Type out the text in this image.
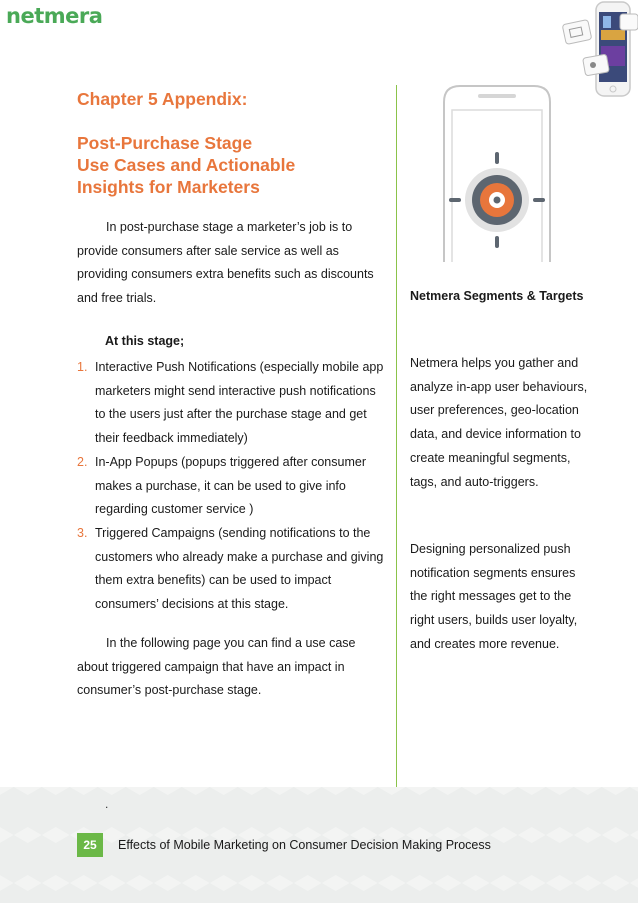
netmera
Chapter 5 Appendix:
Post-Purchase Stage
Use Cases and Actionable
Insights for Marketers
In post-purchase stage a marketer’s job is to provide consumers after sale service as well as providing consumers extra benefits such as discounts and free trials.
At this stage;
1. Interactive Push Notifications (especially mobile app marketers might send interactive push notifications to the users just after the purchase stage and get their feedback immediately)
2. In-App Popups (popups triggered after consumer makes a purchase, it can be used to give info regarding customer service )
3. Triggered Campaigns (sending notifications to the customers who already make a purchase and giving them extra benefits) can be used to impact consumers’ decisions at this stage.
In the following page you can find a use case about triggered campaign that have an impact in consumer’s post-purchase stage.
Netmera Segments & Targets
Netmera helps you gather and analyze in-app user behaviours, user preferences, geo-location data, and device information to create meaningful segments, tags, and auto-triggers.
Designing personalized push notification segments ensures the right messages get to the right users, builds user loyalty, and creates more revenue.
.
25	Effects of Mobile Marketing on Consumer Decision Making Process
